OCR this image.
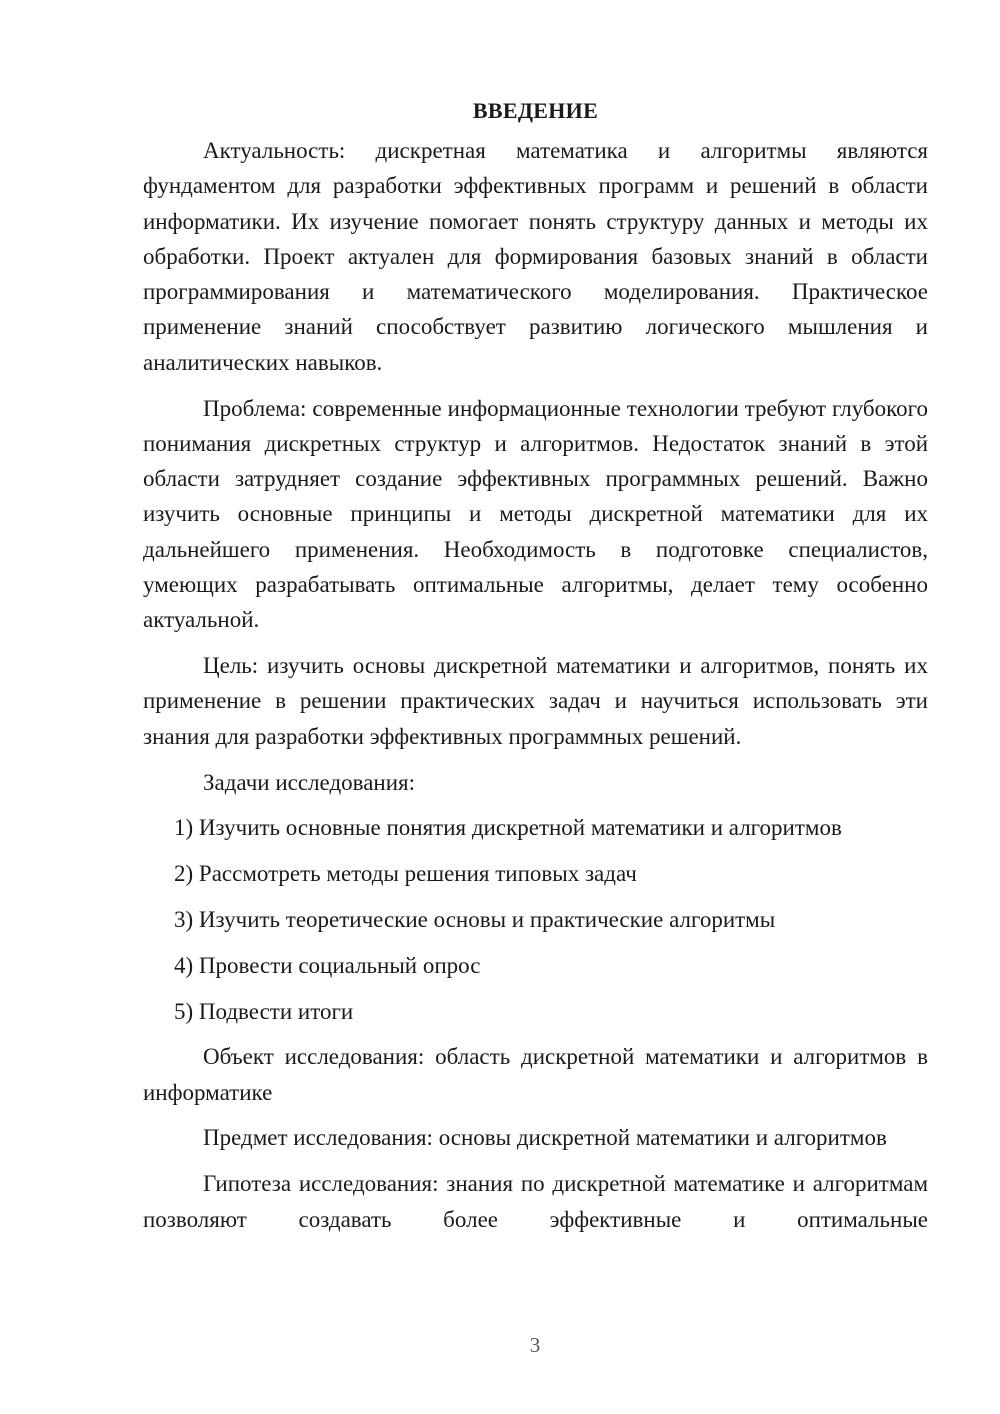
ВВЕДЕНИЕ

Актуальность: дискретная математика и алгоритмы являются фундаментом для разработки эффективных программ и решений в области информатики. Их изучение помогает понять структуру данных и методы их обработки. Проект актуален для формирования базовых знаний в области программирования и математического моделирования. Практическое применение знаний способствует развитию логического мышления и аналитических навыков.

Проблема: современные информационные технологии требуют глубокого понимания дискретных структур и алгоритмов. Недостаток знаний в этой области затрудняет создание эффективных программных решений. Важно изучить основные принципы и методы дискретной математики для их дальнейшего применения. Необходимость в подготовке специалистов, умеющих разрабатывать оптимальные алгоритмы, делает тему особенно актуальной.

Цель: изучить основы дискретной математики и алгоритмов, понять их применение в решении практических задач и научиться использовать эти знания для разработки эффективных программных решений.

Задачи исследования:

1) Изучить основные понятия дискретной математики и алгоритмов
2) Рассмотреть методы решения типовых задач
3) Изучить теоретические основы и практические алгоритмы
4) Провести социальный опрос
5) Подвести итоги

Объект исследования: область дискретной математики и алгоритмов в информатике

Предмет исследования: основы дискретной математики и алгоритмов

Гипотеза исследования: знания по дискретной математике и алгоритмам позволяют создавать более эффективные и оптимальные

3
